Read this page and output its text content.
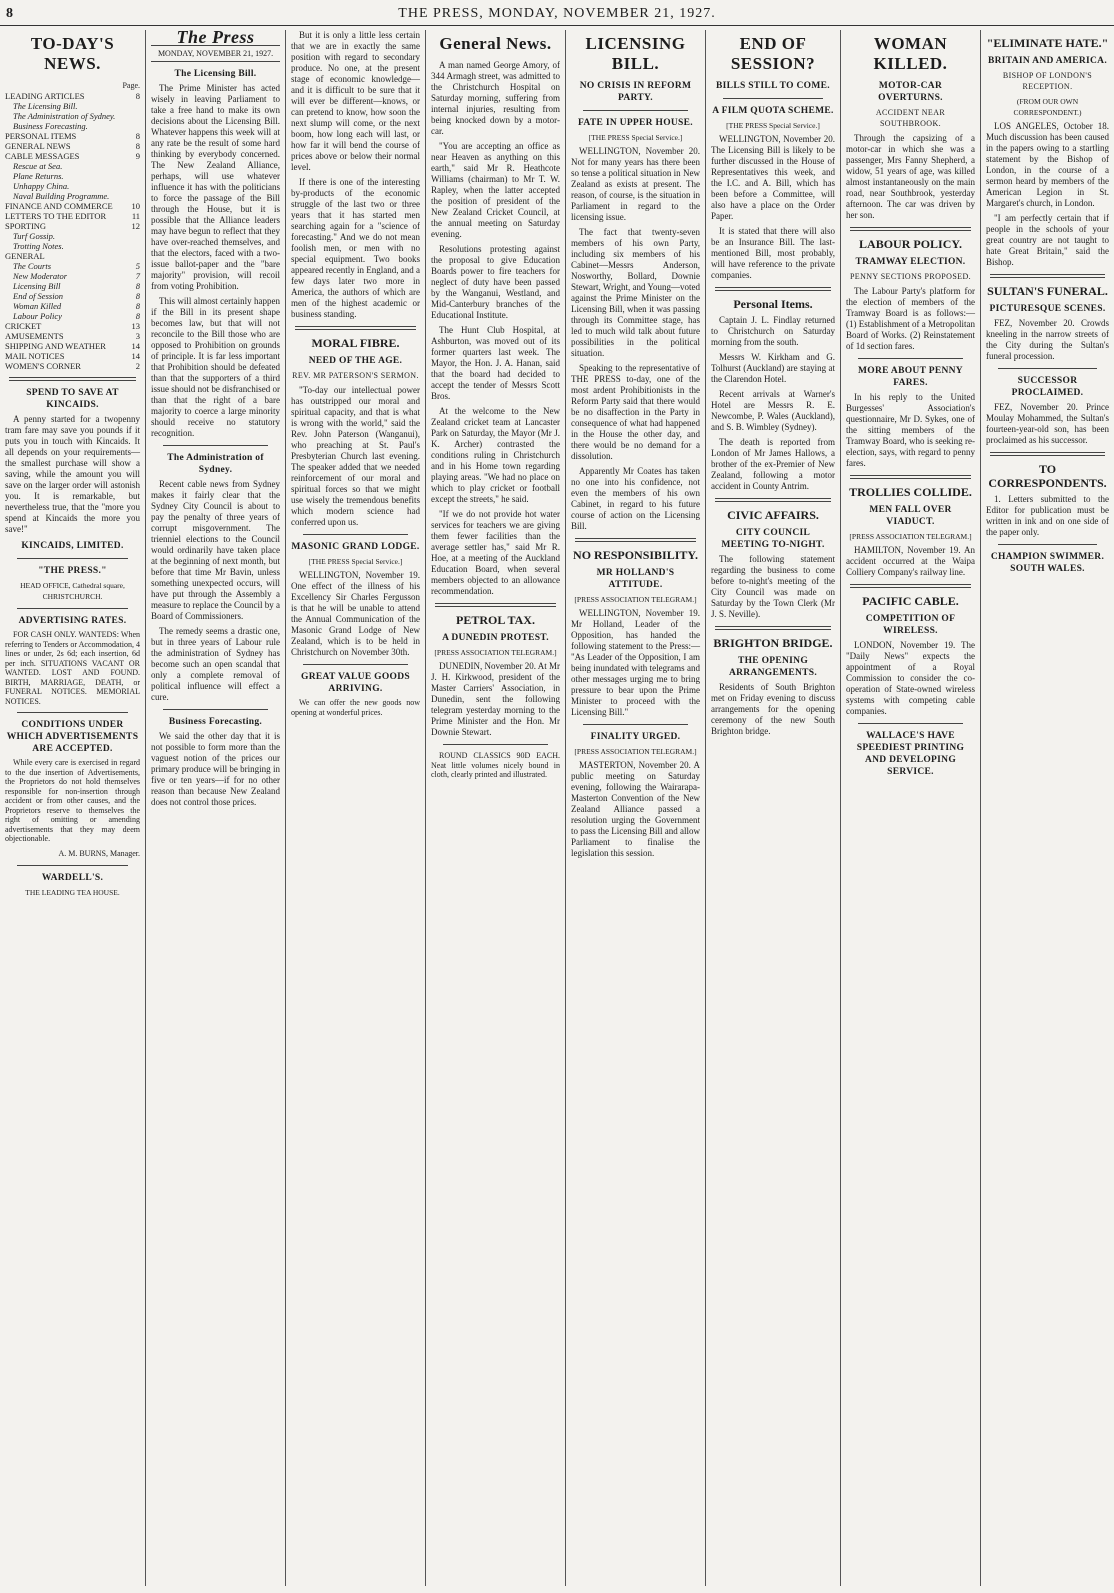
8	THE PRESS, MONDAY, NOVEMBER 21, 1927.
TO-DAY'S NEWS.
Page.
LEADING ARTICLES	8
The Licensing Bill.
The Administration of Sydney.
Business Forecasting.
PERSONAL ITEMS	8
GENERAL NEWS	8
CABLE MESSAGES	9
Rescue at Sea.
Plane Returns.
Unhappy China.
Naval Building Programme.
FINANCE AND COMMERCE 10
LETTERS TO THE EDITOR	11
SPORTING	12
Turf Gossip.
Trotting Notes.
GENERAL
The Courts	5
New Moderator	7
Licensing Bill	8
End of Session	8
Woman Killed	8
Labour Policy	8
CRICKET	13
AMUSEMENTS	3
SHIPPING AND WEATHER	14
MAIL NOTICES	14
WOMEN'S CORNER	2
SPEND TO SAVE AT KINCAIDS.

A penny started for a twopenny tram fare may save you pounds if it puts you in touch with Kincaids. It all depends on your requirements— the smallest purchase will show a saving, while the amount you will save on the larger order will astonish you. It is remarkable, but nevertheless true, that the "more you spend at Kincaids the more you save!"

KINCAIDS, LIMITED.
"THE PRESS."
HEAD OFFICE, Cathedral square, CHRISTCHURCH.
ADVERTISING RATES.

FOR CASH ONLY. WANTEDS: When referring to Tenders or Accommodation, 4 lines or under, 2s 6d; each insertion, 6d per inch. SITUATIONS VACANT OR WANTED. LOST AND FOUND. BIRTH, MARRIAGE, DEATH, or FUNERAL NOTICES. MEMORIAL NOTICES.

CONDITIONS UNDER WHICH ADVERTISEMENTS ARE ACCEPTED.

While every care is exercised in regard to the due insertion of Advertisements, the Proprietors do not hold themselves responsible for non-insertion through accident or from other causes, and the Proprietors reserve to themselves the right of omitting or amending advertisements that they may deem objectionable.

A. M. BURNS, Manager.
WARDELL'S.
THE LEADING TEA HOUSE.
The Press
MONDAY, NOVEMBER 21, 1927.
The Licensing Bill.

The Prime Minister has acted wisely in leaving Parliament to take a free hand to make its own decisions about the Licensing Bill. Whatever happens this week will at any rate be the result of some hard thinking by everybody concerned. The New Zealand Alliance, perhaps, will use whatever influence it has with the politicians to force the passage of the Bill through the House, but it is possible that the Alliance leaders may have begun to reflect that they have over-reached themselves, and that the electors, faced with a two-issue ballot-paper and the "bare majority" provision, will recoil from voting Prohibition.

This will almost certainly happen if the Bill in its present shape becomes law, but that will not reconcile to the Bill those who are opposed to Prohibition on grounds of principle. It is far less important that Prohibition should be defeated than that the supporters of a third issue should not be disfranchised or than that the right of a bare majority to coerce a large minority should receive no statutory recognition.

The Administration of Sydney.

Recent cable news from Sydney makes it fairly clear that the Sydney City Council is about to pay the penalty of three years of corrupt misgovernment. The trienniel elections to the Council would ordinarily have taken place at the beginning of next month, but before that time Mr Bavin, unless something unexpected occurs, will have put through the Assembly a measure to replace the Council by a Board of Commissioners.

The remedy seems a drastic one, but in three years of Labour rule the administration of Sydney has become such an open scandal that only a complete removal of political influence will effect a cure.

Business Forecasting.

We said the other day that it is not possible to form more than the vaguest notion of the prices our primary produce will be bringing in five or ten years—if for no other reason than because New Zealand does not control those prices.

But it is only a little less certain that we are in exactly the same position with regard to secondary produce. No one, at the present stage of economic knowledge—and it is difficult to be sure that it will ever be different—knows, or can pretend to know, how soon the next slump will come, or the next boom, how long each will last, or how far it will bend the course of prices above or below their normal level.

If there is one of the interesting by-products of the economic struggle of the last two or three years that it has started men searching again for a "science of forecasting." And we do not mean foolish men, or men with no special equipment. Two books appeared recently in England, and a few days later two more in America, the authors of which are men of the highest academic or business standing.

MORAL FIBRE.
NEED OF THE AGE.
REV. MR PATERSON'S SERMON.

"To-day our intellectual power has outstripped our moral and spiritual capacity, and that is what is wrong with the world," said the Rev. John Paterson (Wanganui), who preaching at St. Paul's Presbyterian Church last evening. The speaker added that we needed reinforcement of our moral and spiritual forces so that we might use wisely the tremendous benefits which modern science had conferred upon us.

MASONIC GRAND LODGE.
[THE PRESS Special Service.]

WELLINGTON, November 19. One effect of the illness of his Excellency Sir Charles Fergusson is that he will be unable to attend the Annual Communication of the Masonic Grand Lodge of New Zealand, which is to be held in Christchurch on November 30th.

GREAT VALUE GOODS ARRIVING.

We can offer the new goods now opening at wonderful prices.

General News.

A man named George Amory, of 344 Armagh street, was admitted to the Christchurch Hospital on Saturday morning, suffering from internal injuries, resulting from being knocked down by a motor-car.

"You are accepting an office as near Heaven as anything on this earth," said Mr R. Heathcote Williams (chairman) to Mr T. W. Rapley, when the latter accepted the position of president of the New Zealand Cricket Council, at the annual meeting on Saturday evening.

Resolutions protesting against the proposal to give Education Boards power to fire teachers for neglect of duty have been passed by the Wanganui, Westland, and Mid-Canterbury branches of the Educational Institute.

The Hunt Club Hospital, at Ashburton, was moved out of its former quarters last week. The Mayor, the Hon. J. A. Hanan, said that the board had decided to accept the tender of Messrs Scott Bros.

At the welcome to the New Zealand cricket team at Lancaster Park on Saturday, the Mayor (Mr J. K. Archer) contrasted the conditions ruling in Christchurch and in his Home town regarding playing areas. "We had no place on which to play cricket or football except the streets," he said.

"If we do not provide hot water services for teachers we are giving them fewer facilities than the average settler has," said Mr R. Hoe, at a meeting of the Auckland Education Board, when several members objected to an allowance recommendation.

PETROL TAX.
A DUNEDIN PROTEST.
[PRESS ASSOCIATION TELEGRAM.]

DUNEDIN, November 20. At Mr J. H. Kirkwood, president of the Master Carriers' Association, in Dunedin, sent the following telegram yesterday morning to the Prime Minister and the Hon. Mr Downie Stewart.

ROUND CLASSICS 90D EACH. Neat little volumes nicely bound in cloth, clearly printed and illustrated.

LICENSING BILL.
NO CRISIS IN REFORM PARTY.
FATE IN UPPER HOUSE.
[THE PRESS Special Service.]

WELLINGTON, November 20. Not for many years has there been so tense a political situation in New Zealand as exists at present. The reason, of course, is the situation in Parliament in regard to the licensing issue.

The fact that twenty-seven members of his own Party, including six members of his Cabinet—Messrs Anderson, Nosworthy, Bollard, Downie Stewart, Wright, and Young—voted against the Prime Minister on the Licensing Bill, when it was passing through its Committee stage, has led to much wild talk about future possibilities in the political situation.

Speaking to the representative of THE PRESS to-day, one of the most ardent Prohibitionists in the Reform Party said that there would be no disaffection in the Party in consequence of what had happened in the House the other day, and there would be no demand for a dissolution.

Apparently Mr Coates has taken no one into his confidence, not even the members of his own Cabinet, in regard to his future course of action on the Licensing Bill.

NO RESPONSIBILITY.
MR HOLLAND'S ATTITUDE.
[PRESS ASSOCIATION TELEGRAM.]

WELLINGTON, November 19. Mr Holland, Leader of the Opposition, has handed the following statement to the Press:— "As Leader of the Opposition, I am being inundated with telegrams and other messages urging me to bring pressure to bear upon the Prime Minister to proceed with the Licensing Bill."

FINALITY URGED.
[PRESS ASSOCIATION TELEGRAM.]

MASTERTON, November 20. A public meeting on Saturday evening, following the Wairarapa-Masterton Convention of the New Zealand Alliance passed a resolution urging the Government to pass the Licensing Bill and allow Parliament to finalise the legislation this session.

END OF SESSION?
BILLS STILL TO COME.
A FILM QUOTA SCHEME.
[THE PRESS Special Service.]

WELLINGTON, November 20. The Licensing Bill is likely to be further discussed in the House of Representatives this week, and the I.C. and A. Bill, which has been before a Committee, will also have a place on the Order Paper.

It is stated that there will also be an Insurance Bill. The last-mentioned Bill, most probably, will have reference to the private companies.

Personal Items.

Captain J. L. Findlay returned to Christchurch on Saturday morning from the south.

Messrs W. Kirkham and G. Tolhurst (Auckland) are staying at the Clarendon Hotel.

Recent arrivals at Warner's Hotel are Messrs R. E. Newcombe, P. Wales (Auckland), and S. B. Wimbley (Sydney).

The death is reported from London of Mr James Hallows, a brother of the ex-Premier of New Zealand, following a motor accident in County Antrim.

CIVIC AFFAIRS.
CITY COUNCIL MEETING TO-NIGHT.

The following statement regarding the business to come before to-night's meeting of the City Council was made on Saturday by the Town Clerk (Mr J. S. Neville).

BRIGHTON BRIDGE.
THE OPENING ARRANGEMENTS.

Residents of South Brighton met on Friday evening to discuss arrangements for the opening ceremony of the new South Brighton bridge.

WOMAN KILLED.
MOTOR-CAR OVERTURNS.
ACCIDENT NEAR SOUTHBROOK.

Through the capsizing of a motor-car in which she was a passenger, Mrs Fanny Shepherd, a widow, 51 years of age, was killed almost instantaneously on the main road, near Southbrook, yesterday afternoon. The car was driven by her son.

LABOUR POLICY.
TRAMWAY ELECTION.
PENNY SECTIONS PROPOSED.

The Labour Party's platform for the election of members of the Tramway Board is as follows:— (1) Establishment of a Metropolitan Board of Works. (2) Reinstatement of 1d section fares.

MORE ABOUT PENNY FARES.

In his reply to the United Burgesses' Association's questionnaire, Mr D. Sykes, one of the sitting members of the Tramway Board, who is seeking re-election, says, with regard to penny fares.

TROLLIES COLLIDE.
MEN FALL OVER VIADUCT.
[PRESS ASSOCIATION TELEGRAM.]

HAMILTON, November 19. An accident occurred at the Waipa Colliery Company's railway line.

PACIFIC CABLE.
COMPETITION OF WIRELESS.

LONDON, November 19. The "Daily News" expects the appointment of a Royal Commission to consider the co-operation of State-owned wireless systems with competing cable companies.

WALLACE'S HAVE SPEEDIEST PRINTING AND DEVELOPING SERVICE.
"ELIMINATE HATE."
BRITAIN AND AMERICA.
BISHOP OF LONDON'S RECEPTION.
(FROM OUR OWN CORRESPONDENT.)

LOS ANGELES, October 18. Much discussion has been caused in the papers owing to a startling statement by the Bishop of London, in the course of a sermon heard by members of the American Legion in St. Margaret's church, in London.

"I am perfectly certain that if people in the schools of your great country are not taught to hate Great Britain," said the Bishop.

SULTAN'S FUNERAL.
PICTURESQUE SCENES.

FEZ, November 20. Crowds kneeling in the narrow streets of the City during the Sultan's funeral procession.

SUCCESSOR PROCLAIMED.

FEZ, November 20. Prince Moulay Mohammed, the Sultan's fourteen-year-old son, has been proclaimed as his successor.

TO CORRESPONDENTS.

1. Letters submitted to the Editor for publication must be written in ink and on one side of the paper only.

CHAMPION SWIMMER. SOUTH WALES.
